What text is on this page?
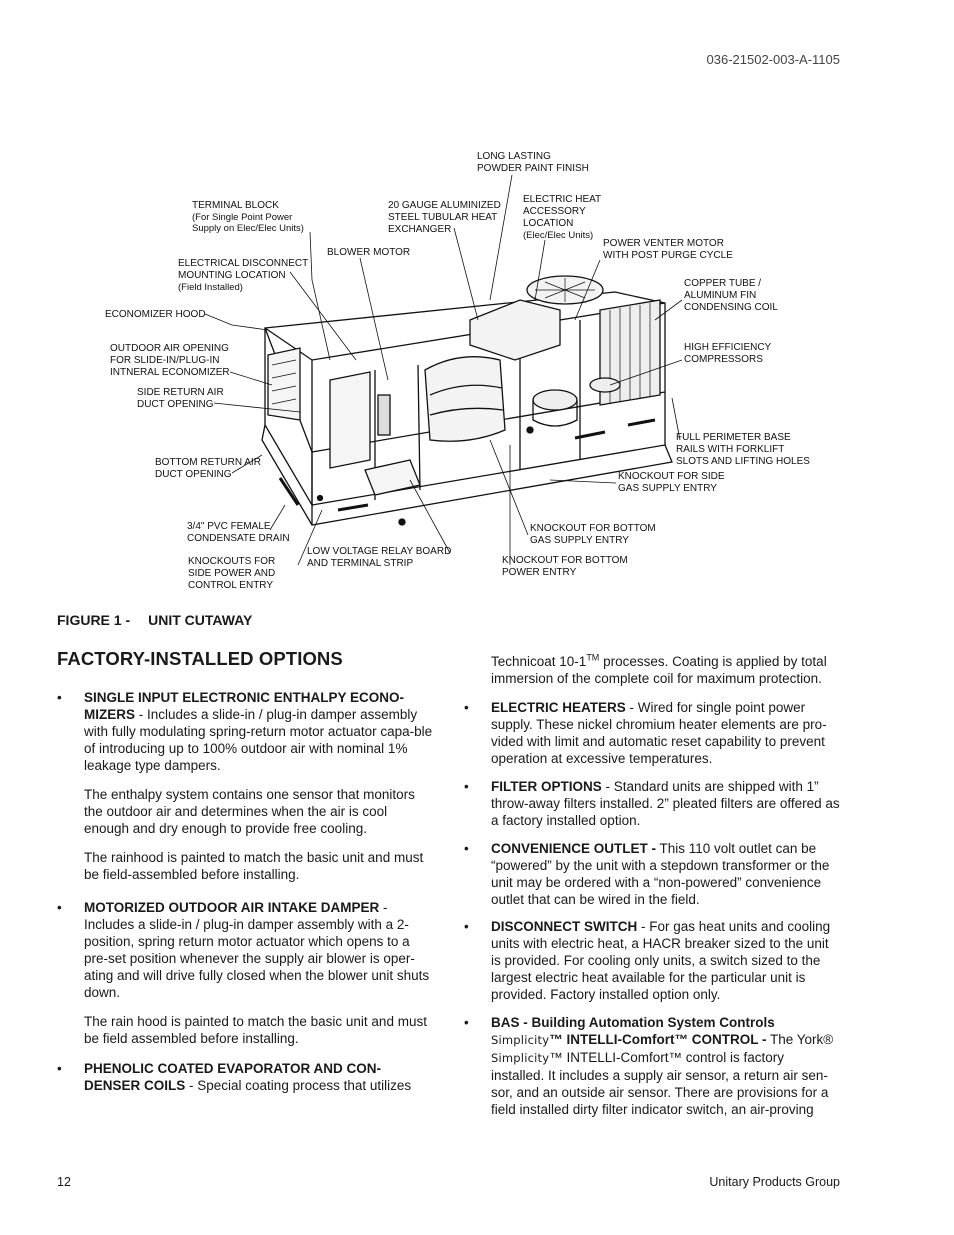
036-21502-003-A-1105
LONG LASTING POWDER PAINT FINISH
TERMINAL BLOCK (For Single Point Power Supply on Elec/Elec Units)
20 GAUGE ALUMINIZED STEEL TUBULAR HEAT EXCHANGER
ELECTRIC HEAT ACCESSORY LOCATION (Elec/Elec Units)
POWER VENTER MOTOR WITH POST PURGE CYCLE
BLOWER MOTOR
ELECTRICAL DISCONNECT MOUNTING LOCATION (Field Installed)	COPPER TUBE / ALUMINUM FIN CONDENSING COIL
ECONOMIZER HOOD
OUTDOOR AIR OPENING FOR SLIDE-IN/PLUG-IN INTNERAL ECONOMIZER
HIGH EFFICIENCY COMPRESSORS
SIDE RETURN AIR DUCT OPENING
FULL PERIMETER BASE RAILS WITH FORKLIFT SLOTS AND LIFTING HOLES
BOTTOM RETURN AIR DUCT OPENING	KNOCKOUT FOR SIDE GAS SUPPLY ENTRY
3/4" PVC FEMALE CONDENSATE DRAIN
KNOCKOUT FOR BOTTOM GAS SUPPLY ENTRY
KNOCKOUTS FOR SIDE POWER AND CONTROL ENTRY
LOW VOLTAGE RELAY BOARD AND TERMINAL STRIP	KNOCKOUT FOR BOTTOM POWER ENTRY
FIGURE 1 - UNIT CUTAWAY
FACTORY-INSTALLED OPTIONS
• SINGLE INPUT ELECTRONIC ENTHALPY ECONO-MIZERS - Includes a slide-in / plug-in damper assembly with fully modulating spring-return motor actuator capa-ble of introducing up to 100% outdoor air with nominal 1% leakage type dampers.

The enthalpy system contains one sensor that monitors the outdoor air and determines when the air is cool enough and dry enough to provide free cooling.

The rainhood is painted to match the basic unit and must be field-assembled before installing.

• MOTORIZED OUTDOOR AIR INTAKE DAMPER - Includes a slide-in / plug-in damper assembly with a 2-position, spring return motor actuator which opens to a pre-set position whenever the supply air blower is oper-ating and will drive fully closed when the blower unit shuts down.

The rain hood is painted to match the basic unit and must be field assembled before installing.

• PHENOLIC COATED EVAPORATOR AND CON-DENSER COILS - Special coating process that utilizes

Technicoat 10-1™ processes. Coating is applied by total immersion of the complete coil for maximum protection.

• ELECTRIC HEATERS - Wired for single point power supply. These nickel chromium heater elements are pro-vided with limit and automatic reset capability to prevent operation at excessive temperatures.

• FILTER OPTIONS - Standard units are shipped with 1” throw-away filters installed. 2” pleated filters are offered as a factory installed option.

• CONVENIENCE OUTLET - This 110 volt outlet can be “powered” by the unit with a stepdown transformer or the unit may be ordered with a “non-powered” convenience outlet that can be wired in the field.

• DISCONNECT SWITCH - For gas heat units and cooling units with electric heat, a HACR breaker sized to the unit is provided. For cooling only units, a switch sized to the largest electric heat available for the particular unit is provided. Factory installed option only.

• BAS - Building Automation System Controls
Simplicity™ INTELLI-Comfort™ CONTROL - The York® Simplicity™ INTELLI-Comfort™ control is factory installed. It includes a supply air sensor, a return air sen-sor, and an outside air sensor. There are provisions for a field installed dirty filter indicator switch, an air-proving

12	Unitary Products Group
